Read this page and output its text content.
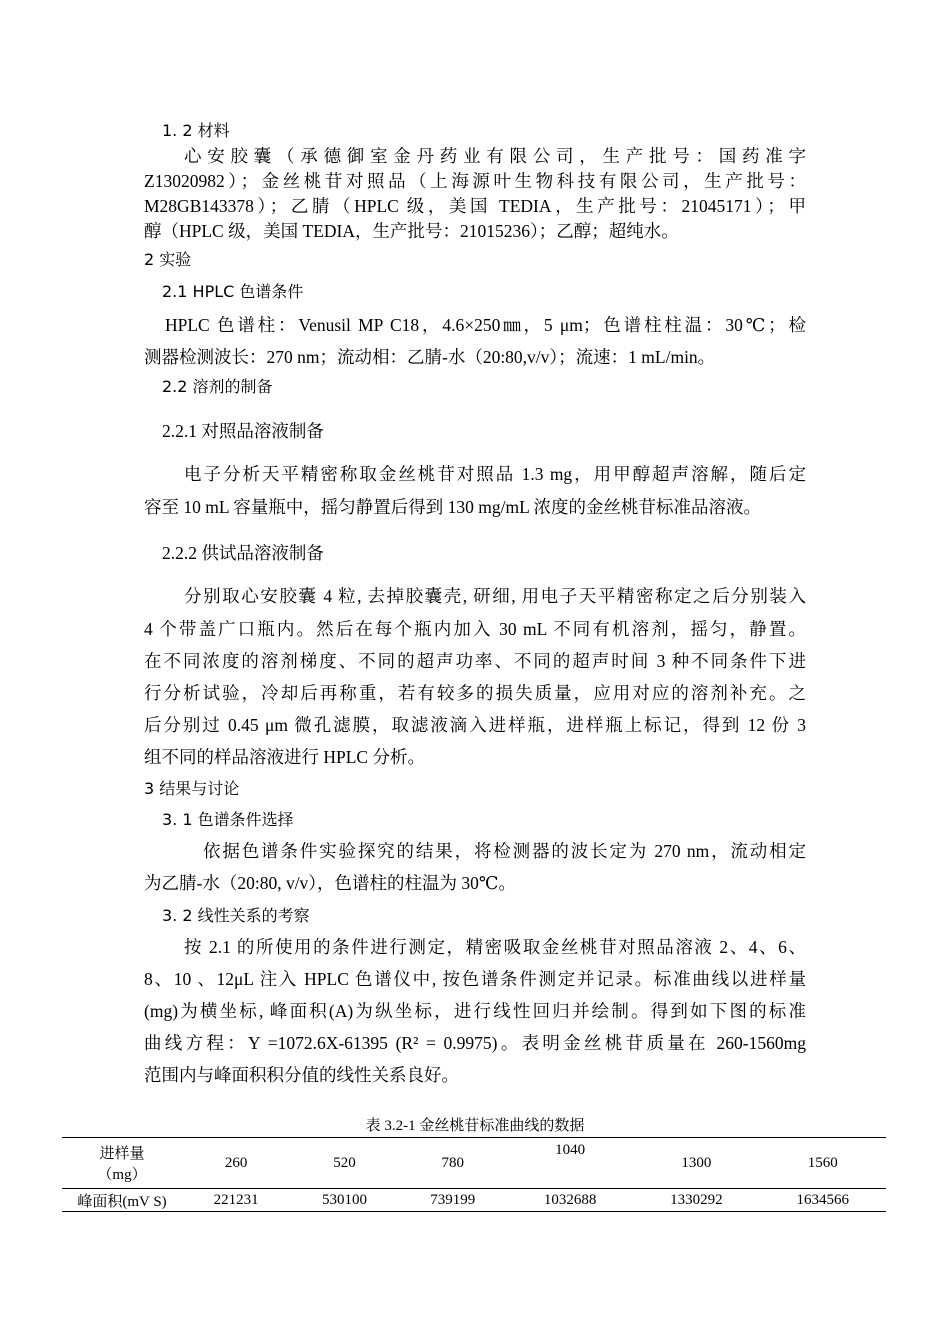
1. 2 材料
心安胶囊（承德御室金丹药业有限公司，生产批号：国药准字
Z13020982）；金丝桃苷对照品（上海源叶生物科技有限公司，生产批号：
M28GB143378）；乙腈（HPLC 级，美国 TEDIA，生产批号：21045171）；甲
醇（HPLC 级，美国 TEDIA，生产批号：21015236）；乙醇；超纯水。
2 实验
2.1 HPLC 色谱条件
HPLC 色谱柱：Venusil MP C18，4.6×250㎜，5 μm；色谱柱柱温：30℃；检
测器检测波长：270 nm；流动相：乙腈-水（20:80,v/v）；流速：1 mL/min。
2.2 溶剂的制备
2.2.1 对照品溶液制备
电子分析天平精密称取金丝桃苷对照品 1.3 mg，用甲醇超声溶解，随后定
容至 10 mL 容量瓶中，摇匀静置后得到 130 mg/mL 浓度的金丝桃苷标准品溶液。
2.2.2 供试品溶液制备
分别取心安胶囊 4 粒, 去掉胶囊壳, 研细, 用电子天平精密称定之后分别装入
4 个带盖广口瓶内。然后在每个瓶内加入 30 mL 不同有机溶剂，摇匀，静置。
在不同浓度的溶剂梯度、不同的超声功率、不同的超声时间 3 种不同条件下进
行分析试验，冷却后再称重，若有较多的损失质量，应用对应的溶剂补充。之
后分别过 0.45 μm 微孔滤膜，取滤液滴入进样瓶，进样瓶上标记，得到 12 份 3
组不同的样品溶液进行 HPLC 分析。
3 结果与讨论
3. 1 色谱条件选择
依据色谱条件实验探究的结果，将检测器的波长定为 270 nm，流动相定
为乙腈-水（20:80, v/v），色谱柱的柱温为 30℃。
3. 2 线性关系的考察
按 2.1 的所使用的条件进行测定，精密吸取金丝桃苷对照品溶液 2、4、6、
8、10 、12μL 注入 HPLC 色谱仪中, 按色谱条件测定并记录。标准曲线以进样量
(mg)为横坐标, 峰面积(A)为纵坐标，进行线性回归并绘制。得到如下图的标准
曲线方程：Y =1072.6X-61395 (R² = 0.9975)。表明金丝桃苷质量在 260-1560mg
范围内与峰面积积分值的线性关系良好。
表 3.2-1 金丝桃苷标准曲线的数据
进样量
（mg）	260	520	780	1040	1300	1560
峰面积(mV S)	221231	530100	739199	1032688	1330292	1634566
